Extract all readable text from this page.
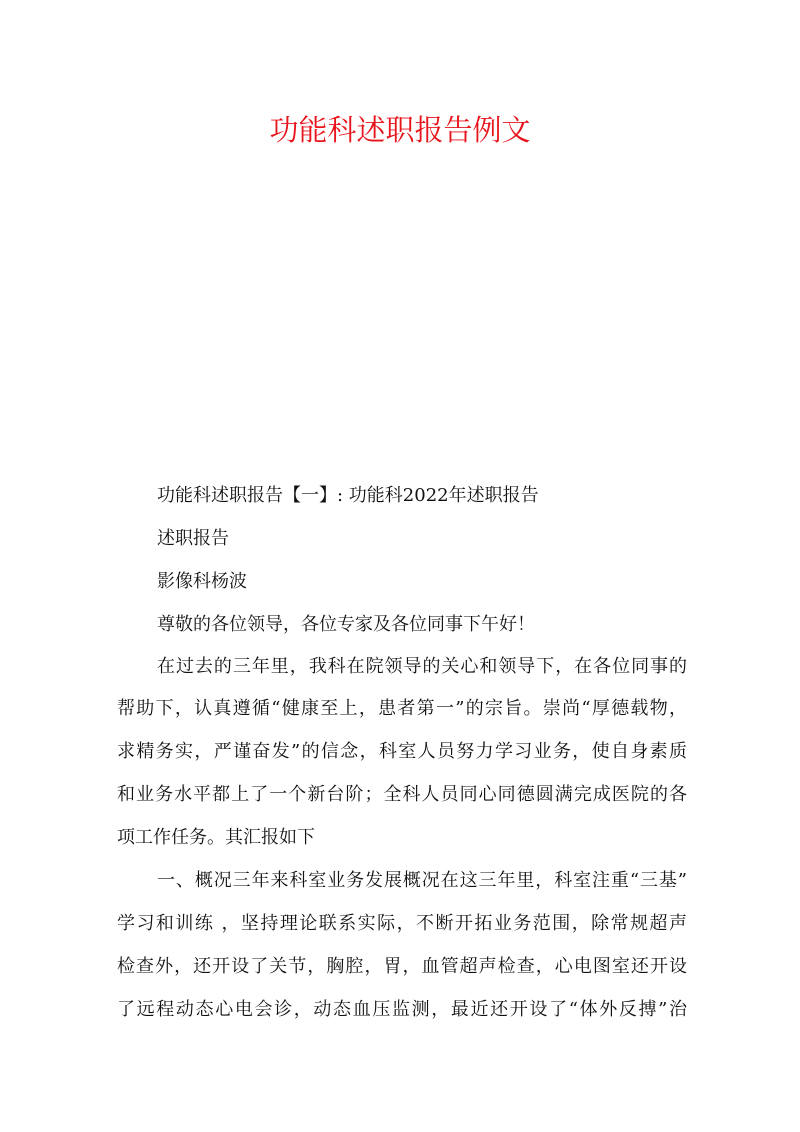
功能科述职报告例文
功能科述职报告【一】: 功能科2022年述职报告
述职报告
影像科杨波
尊敬的各位领导，各位专家及各位同事下午好！
在过去的三年里，我科在院领导的关心和领导下，在各位同事的
帮助下，认真遵循“健康至上，患者第一”的宗旨。崇尚“厚德载物，
求精务实，严谨奋发”的信念，科室人员努力学习业务，使自身素质
和业务水平都上了一个新台阶；全科人员同心同德圆满完成医院的各
项工作任务。其汇报如下
一、概况三年来科室业务发展概况在这三年里，科室注重“三基”
学习和训练 ，坚持理论联系实际，不断开拓业务范围，除常规超声
检查外，还开设了关节，胸腔，胃，血管超声检查，心电图室还开设
了远程动态心电会诊，动态血压监测，最近还开设了“体外反搏”治
